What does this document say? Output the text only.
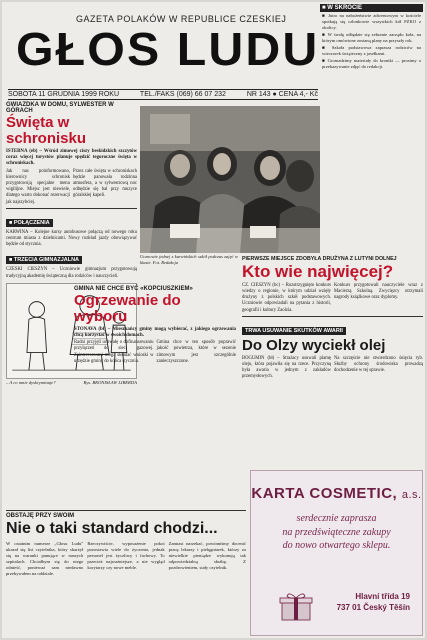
GAZETA POLAKÓW W REPUBLICE CZESKIEJ
GŁOS LUDU
SOBOTA 11 GRUDNIA 1999 ROKU	TEL./FAKS (069) 66 07 232	NR 143 ● CENA 4,- Kč
■ W SKRÓCIE
■ Jutro na nabożeństwie adwentowym w kościele spotkają się członkowie wszystkich kół PZKO z okolicy.
■ W środę odbędzie się zebranie zarządu koła, na którym omówione zostaną plany na przyszły rok.
■ Szkoła podstawowa zaprasza rodziców na wieczorek świąteczny z jasełkami.
■ Gromadzimy materiały do kroniki — prosimy o przekazywanie zdjęć do redakcji.
GWIAZDKA W DOMU, SYLWESTER W GÓRACH
Święta w schronisku
ISTEBNA (eb) – Wśród zimowej ciszy beskidzkich szczytów coraz więcej turystów planuje spędzić tegoroczne święta w schroniskach.
Jak nas poinformowano, kierownicy schronisk przygotowują specjalne menu wigilijne. Miejsc jest niewiele, dlatego warto dokonać rezerwacji jak najszybciej.
Przez całe święta w schroniskach będzie panowała rodzinna atmosfera, a w sylwestrową noc odbędzie się bal przy muzyce góralskiej kapeli.
■ POŁĄCZENIA
KARWINA – Kolejne kursy autobusowe połączą od nowego roku centrum miasta z dzielnicami. Nowy rozkład jazdy obowiązywać będzie od stycznia.
■ TRZECIA GIMNAZJALNA
CZESKI CIESZYN – Uczniowie gimnazjum przygotowują tradycyjną akademię świąteczną dla rodziców i nauczycieli.
– A co mnie dyskryminuje?	Rys. BRONISŁAW LIBERDA
Ucznowie jednej z karwińskich szkół podczas zajęć w klasie. Fot. Redakcja
GMINA NIE CHCE BYĆ «KOPCIUSZKIEM»
Ogrzewanie do wyboru
STONAVA (bł) – Mieszkańcy gminy mogą wybierać, z jakiego ogrzewania chcą korzystać w swoich domach.
Radni przyjęli uchwałę o dofinansowaniu przyłączeń do sieci gazowej. Zainteresowani mogą składać wnioski w urzędzie gminy do końca stycznia.
Gmina chce w ten sposób poprawić jakość powietrza, które w sezonie zimowym jest szczególnie zanieczyszczone.
PIERWSZE MIEJSCE ZDOBYŁA DRUŻYNA Z LUTYNI DOLNEJ
Kto wie najwięcej?
CZ. CIESZYN (bc) – Rozstrzygnięto konkurs wiedzy o regionie, w którym udział wzięły drużyny z polskich szkół podstawowych. Uczniowie odpowiadali na pytania z historii, geografii i kultury Zaolzia.
Konkurs przygotowali nauczyciele wraz z Macierzą Szkolną. Zwycięzcy otrzymali nagrody książkowe oraz dyplomy.
TRWA USUWANIE SKUTKÓW AWARII
Do Olzy wyciekł olej
BOGUMIN (bł) – Strażacy usuwali plamę oleju, która pojawiła się na rzece. Przyczyną była awaria w jednym z zakładów przemysłowych.
Na szczęście nie stwierdzono śnięcia ryb. Służby ochrony środowiska prowadzą dochodzenie w tej sprawie.
KARTA COSMETIC, a.s.
serdecznie zaprasza
na przedświąteczne zakupy
do nowo otwartego sklepu.
Hlavní třída 19
737 01 Český Těšín
OBSTAJĘ PRZY SWOIM
Nie o taki standard chodzi...
W ostatnim numerze „Głosu Ludu” ukazał się list czytelnika, który skarżył się na warunki panujące w naszych szpitalach. Chciałbym się do niego odnieść, ponieważ sam niedawno przebywałem na oddziale.
Rzeczywiście, wyposażenie pokoi pozostawia wiele do życzenia, jednak personel jest życzliwy i fachowy. To przecież najważniejsze, a nie wygląd korytarzy czy nowe meble.
Zamiast narzekać, powinniśmy docenić pracę lekarzy i pielęgniarek, którzy za niewielkie pieniądze wykonują tak odpowiedzialną służbę. Z pozdrowieniem, stały czytelnik.
